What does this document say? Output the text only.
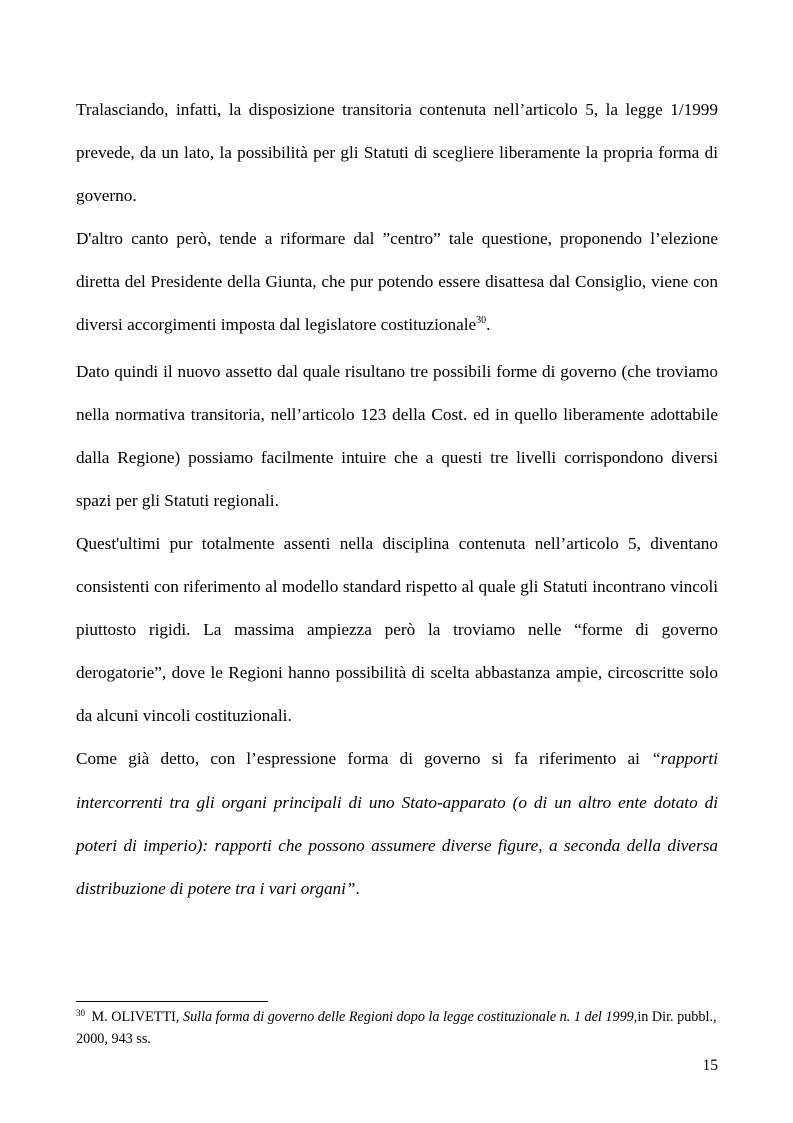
Tralasciando, infatti, la disposizione transitoria contenuta nell’articolo 5, la legge 1/1999 prevede, da un lato, la possibilità per gli Statuti di scegliere liberamente la propria forma di governo.

D'altro canto però, tende a riformare dal ”centro” tale questione, proponendo l’elezione diretta del Presidente della Giunta, che pur potendo essere disattesa dal Consiglio, viene con diversi accorgimenti imposta dal legislatore costituzionale$^{30}$.

Dato quindi il nuovo assetto dal quale risultano tre possibili forme di governo (che troviamo nella normativa transitoria, nell’articolo 123 della Cost. ed in quello liberamente adottabile dalla Regione) possiamo facilmente intuire che a questi tre livelli corrispondono diversi spazi per gli Statuti regionali.

Quest'ultimi pur totalmente assenti nella disciplina contenuta nell’articolo 5, diventano consistenti con riferimento al modello standard rispetto al quale gli Statuti incontrano vincoli piuttosto rigidi. La massima ampiezza però la troviamo nelle “forme di governo derogatorie”, dove le Regioni hanno possibilità di scelta abbastanza ampie, circoscritte solo da alcuni vincoli costituzionali.

Come già detto, con l’espressione forma di governo si fa riferimento ai “rapporti intercorrenti tra gli organi principali di uno Stato-apparato (o di un altro ente dotato di poteri di imperio): rapporti che possono assumere diverse figure, a seconda della diversa distribuzione di potere tra i vari organi”.

$^{30}$ M. OLIVETTI, Sulla forma di governo delle Regioni dopo la legge costituzionale n. 1 del 1999,in Dir. pubbl., 2000, 943 ss.

15
